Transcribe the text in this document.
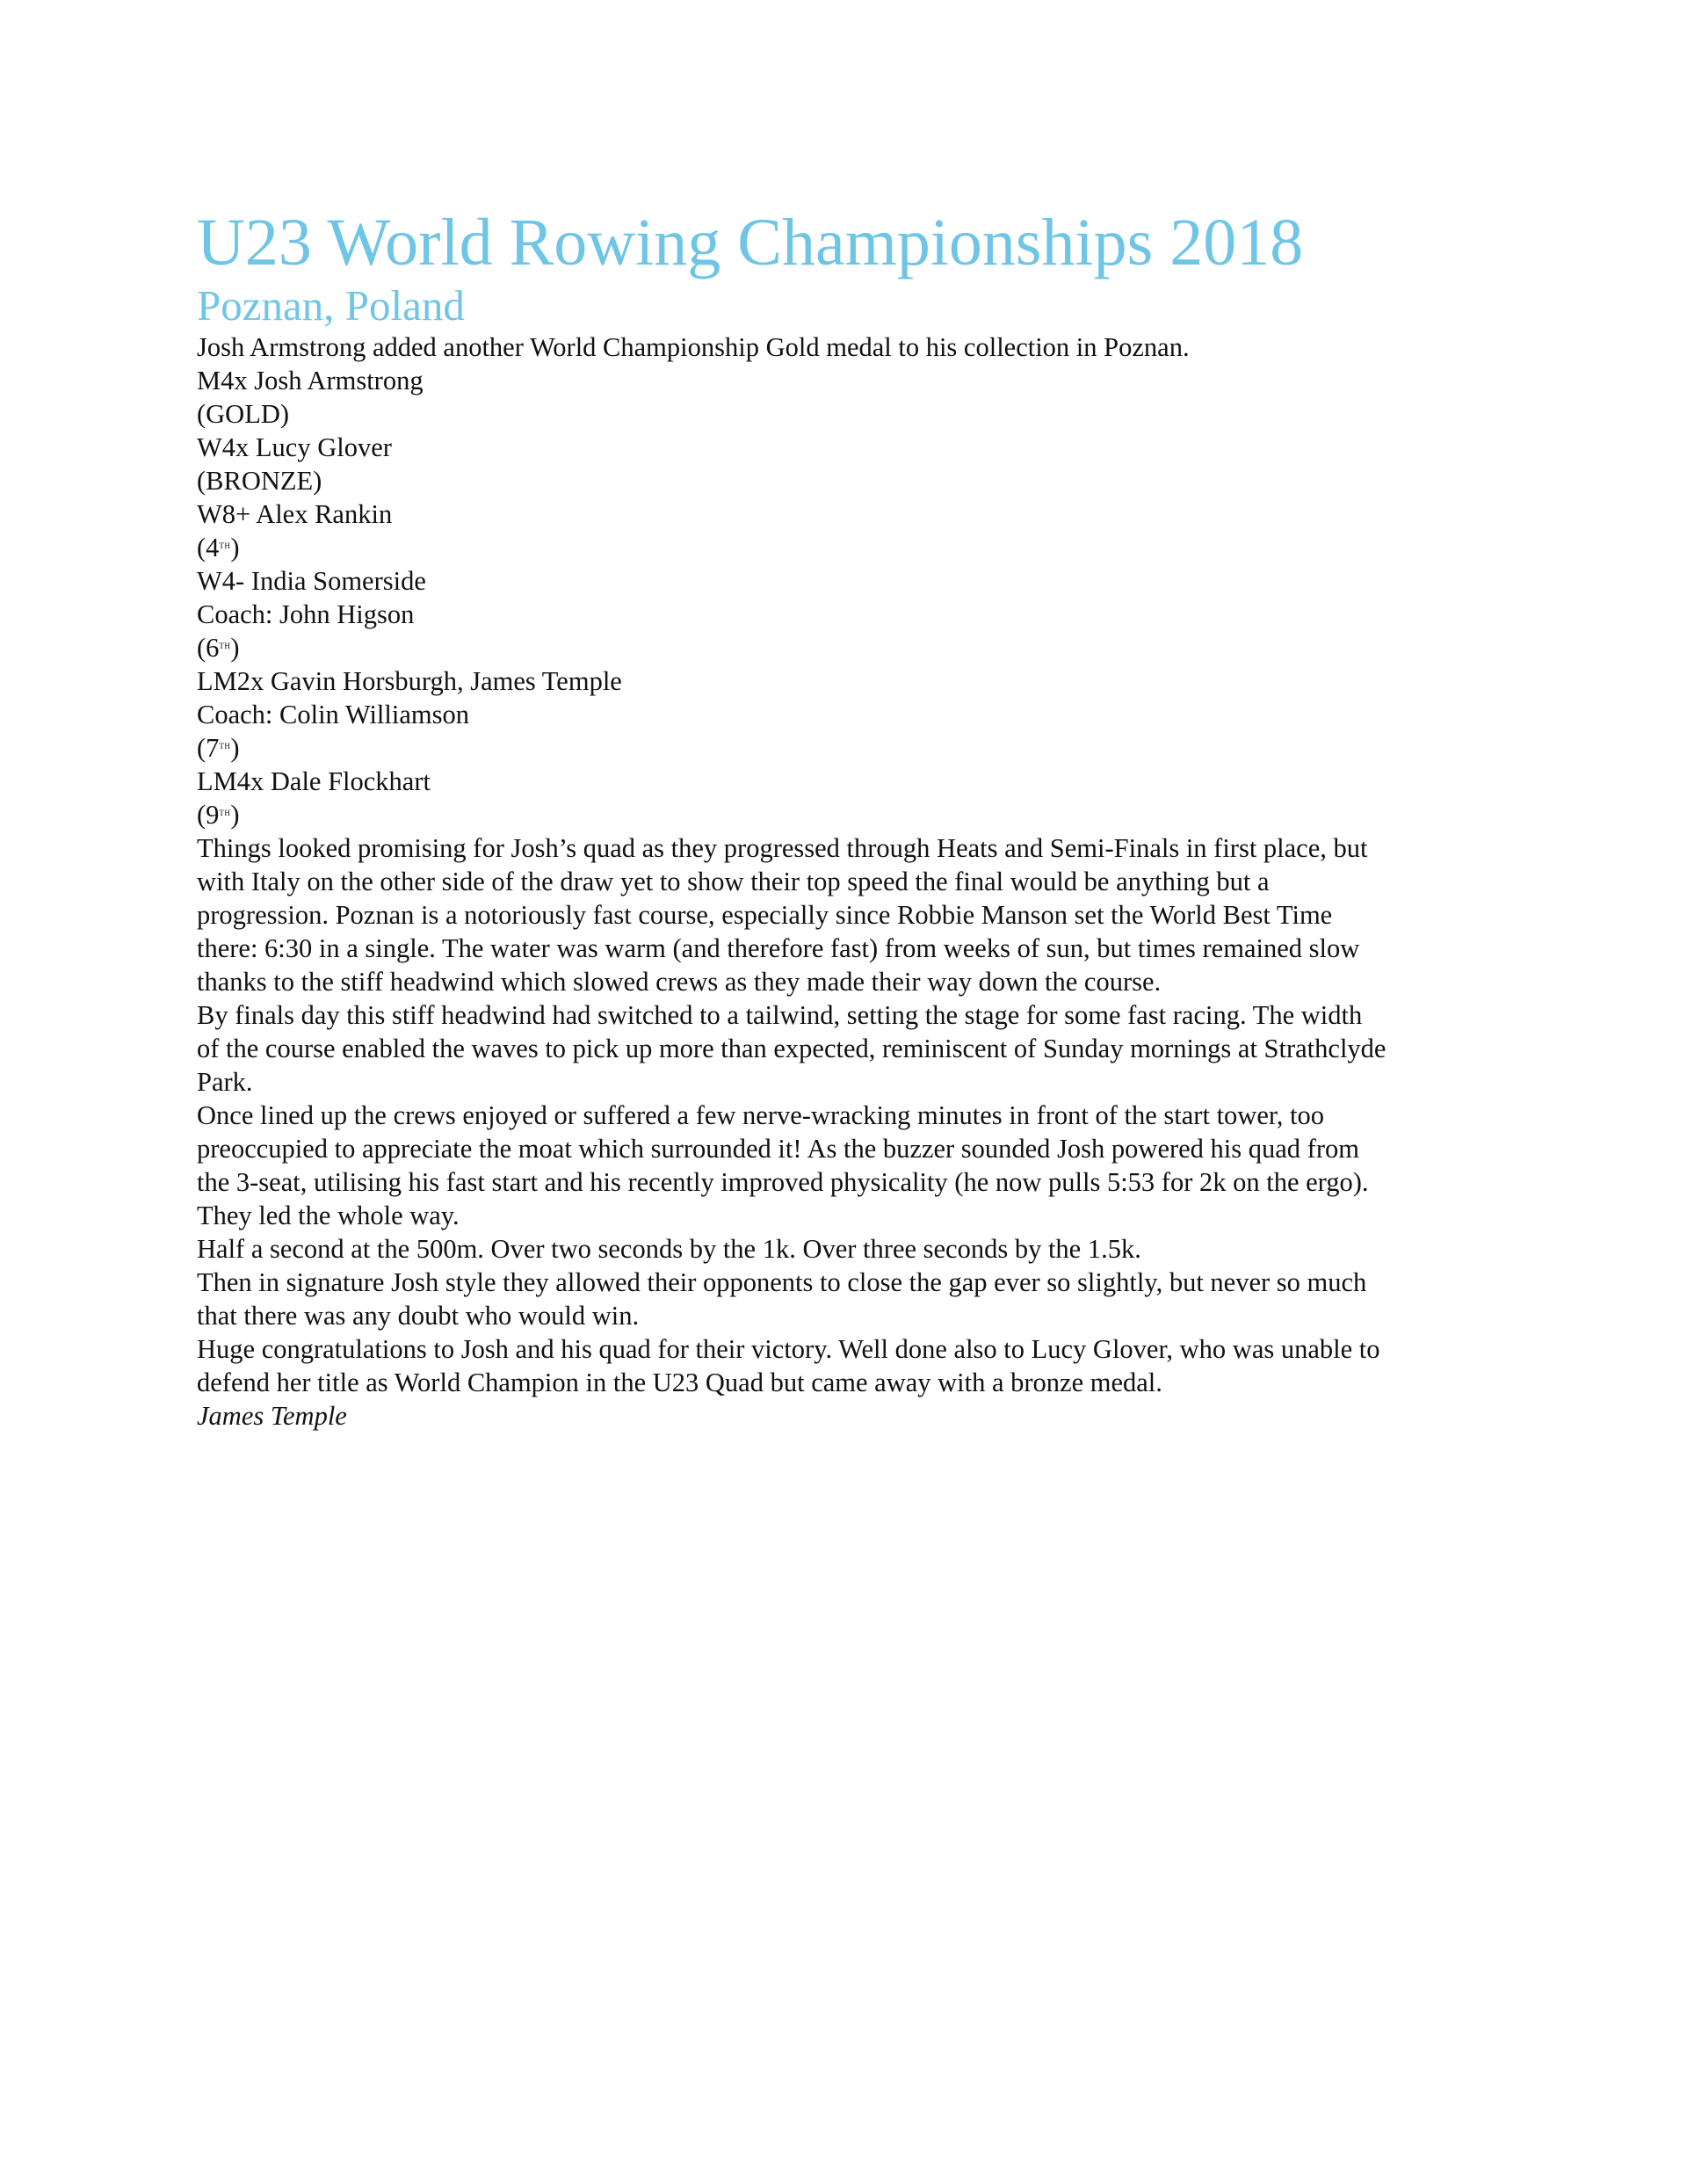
U23 World Rowing Championships 2018
Poznan, Poland
Josh Armstrong added another World Championship Gold medal to his collection in Poznan.
M4x Josh Armstrong
(GOLD)
W4x Lucy Glover
(BRONZE)
W8+ Alex Rankin
(4TH)
W4- India Somerside
Coach: John Higson
(6TH)
LM2x Gavin Horsburgh, James Temple
Coach: Colin Williamson
(7TH)
LM4x Dale Flockhart
(9TH)

Things looked promising for Josh’s quad as they progressed through Heats and Semi-Finals in first place, but
with Italy on the other side of the draw yet to show their top speed the final would be anything but a
progression. Poznan is a notoriously fast course, especially since Robbie Manson set the World Best Time
there: 6:30 in a single. The water was warm (and therefore fast) from weeks of sun, but times remained slow
thanks to the stiff headwind which slowed crews as they made their way down the course.

By finals day this stiff headwind had switched to a tailwind, setting the stage for some fast racing. The width
of the course enabled the waves to pick up more than expected, reminiscent of Sunday mornings at Strathclyde
Park.

Once lined up the crews enjoyed or suffered a few nerve-wracking minutes in front of the start tower, too
preoccupied to appreciate the moat which surrounded it! As the buzzer sounded Josh powered his quad from
the 3-seat, utilising his fast start and his recently improved physicality (he now pulls 5:53 for 2k on the ergo).
They led the whole way.

Half a second at the 500m. Over two seconds by the 1k. Over three seconds by the 1.5k.

Then in signature Josh style they allowed their opponents to close the gap ever so slightly, but never so much
that there was any doubt who would win.

Huge congratulations to Josh and his quad for their victory. Well done also to Lucy Glover, who was unable to
defend her title as World Champion in the U23 Quad but came away with a bronze medal.

James Temple
